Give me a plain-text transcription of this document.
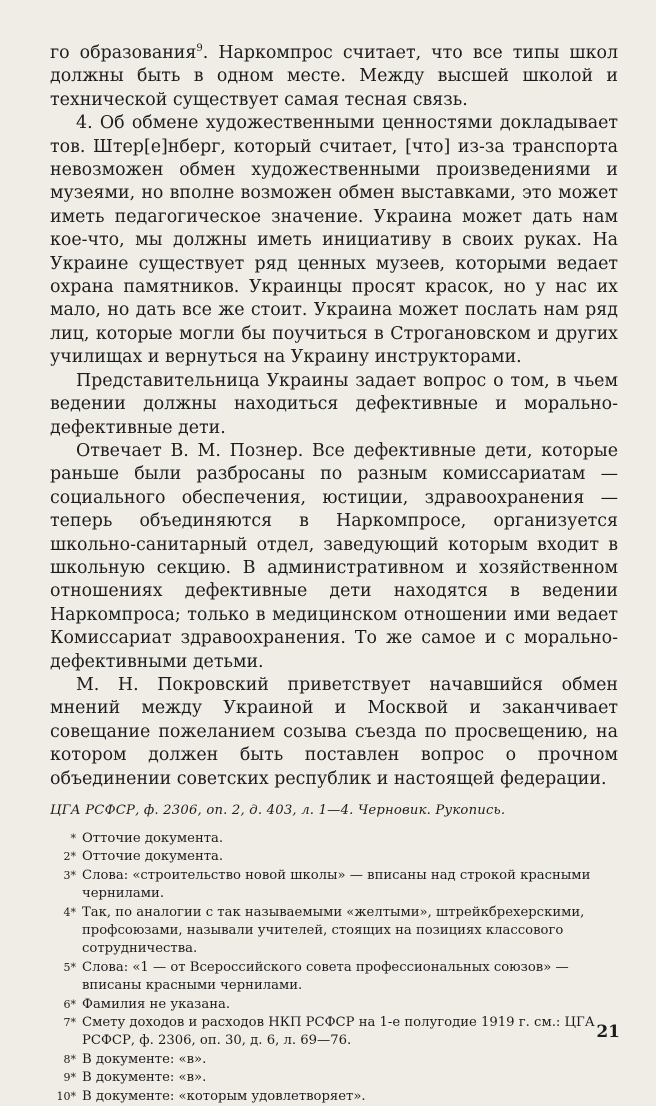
го образования$^9$. Наркомпрос считает, что все типы школ должны быть в одном месте. Между высшей школой и технической существует самая тесная связь.

4. Об обмене художественными ценностями докладывает тов. Штер[е]нберг, который считает, [что] из-за транспорта невозможен обмен художественными произведениями и музеями, но вполне возможен обмен выставками, это может иметь педагогическое значение. Украина может дать нам кое-что, мы должны иметь инициативу в своих руках. На Украине существует ряд ценных музеев, которыми ведает охрана памятников. Украинцы просят красок, но у нас их мало, но дать все же стоит. Украина может послать нам ряд лиц, которые могли бы поучиться в Строгановском и других училищах и вернуться на Украину инструкторами.

Представительница Украины задает вопрос о том, в чьем ведении должны находиться дефективные и морально-дефективные дети.

Отвечает В. М. Познер. Все дефективные дети, которые раньше были разбросаны по разным комиссариатам — социального обеспечения, юстиции, здравоохранения — теперь объединяются в Наркомпросе, организуется школьно-санитарный отдел, заведующий которым входит в школьную секцию. В административном и хозяйственном отношениях дефективные дети находятся в ведении Наркомпроса; только в медицинском отношении ими ведает Комиссариат здравоохранения. То же самое и с морально-дефективными детьми.

М. Н. Покровский приветствует начавшийся обмен мнений между Украиной и Москвой и заканчивает совещание пожеланием созыва съезда по просвещению, на котором должен быть поставлен вопрос о прочном объединении советских республик и настоящей федерации.

ЦГА РСФСР, ф. 2306, оп. 2, д. 403, л. 1—4. Черновик. Рукопись.
* Отточие документа.
2* Отточие документа.
3* Слова: «строительство новой школы» — вписаны над строкой красными чернилами.
4* Так, по аналогии с так называемыми «желтыми», штрейкбрехерскими, профсоюзами, называли учителей, стоящих на позициях классового сотрудничества.
5* Слова: «1 — от Всероссийского совета профессиональных союзов» — вписаны красными чернилами.
6* Фамилия не указана.
7* Смету доходов и расходов НКП РСФСР на 1-е полугодие 1919 г. см.: ЦГА РСФСР, ф. 2306, оп. 30, д. 6, л. 69—76.
8* В документе: «в».
9* В документе: «в».
10* В документе: «которым удовлетворяет».
21
